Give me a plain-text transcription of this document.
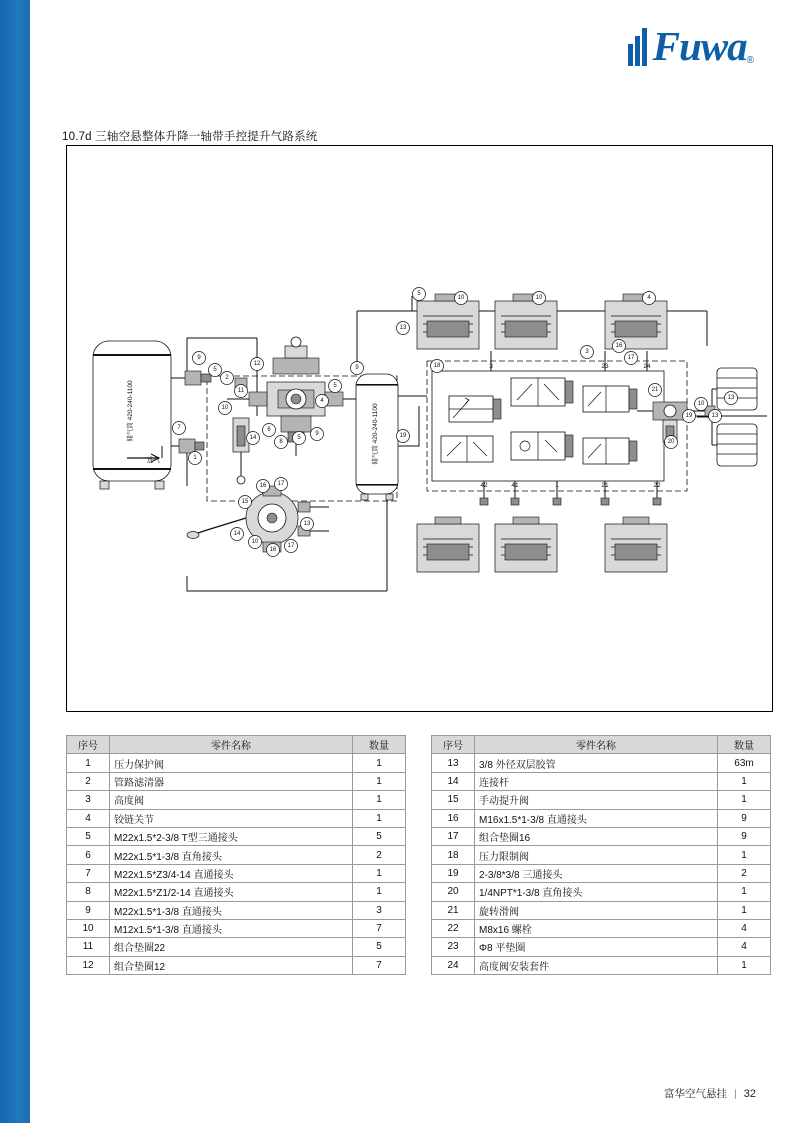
Fuwa ®
10.7d 三轴空悬整体升降一轴带手控提升气路系统
储气筒 420-240-1100
进气	储气筒 420-240-1100
42	41	1	21	22
3	23	24
9
5
7
1
2
10
11
12
14
6
8
5
9
5
9
4
16 17
15
14
10
16
17
13
13
19
5
18
10	10	4
3
17
16
19
10
13
20
21
13
序号	零件名称	数量
1	压力保护阀	1
2	管路滤清器	1
3	高度阀	1
4	铰链关节	1
5	M22x1.5*2-3/8 T型三通接头	5
6	M22x1.5*1-3/8 直角接头	2
7	M22x1.5*Z3/4-14 直通接头	1
8	M22x1.5*Z1/2-14 直通接头	1
9	M22x1.5*1-3/8 直通接头	3
10	M12x1.5*1-3/8 直通接头	7
11	组合垫圈22	5
12	组合垫圈12	7
序号	零件名称	数量
13	3/8 外径双层胶管	63m
14	连接杆	1
15	手动提升阀	1
16	M16x1.5*1-3/8 直通接头	9
17	组合垫圈16	9
18	压力限制阀	1
19	2-3/8*3/8 三通接头	2
20	1/4NPT*1-3/8 直角接头	1
21	旋转滑阀	1
22	M8x16 螺栓	4
23	Φ8 平垫圈	4
24	高度阀安装套件	1
富华空气悬挂 | 32
